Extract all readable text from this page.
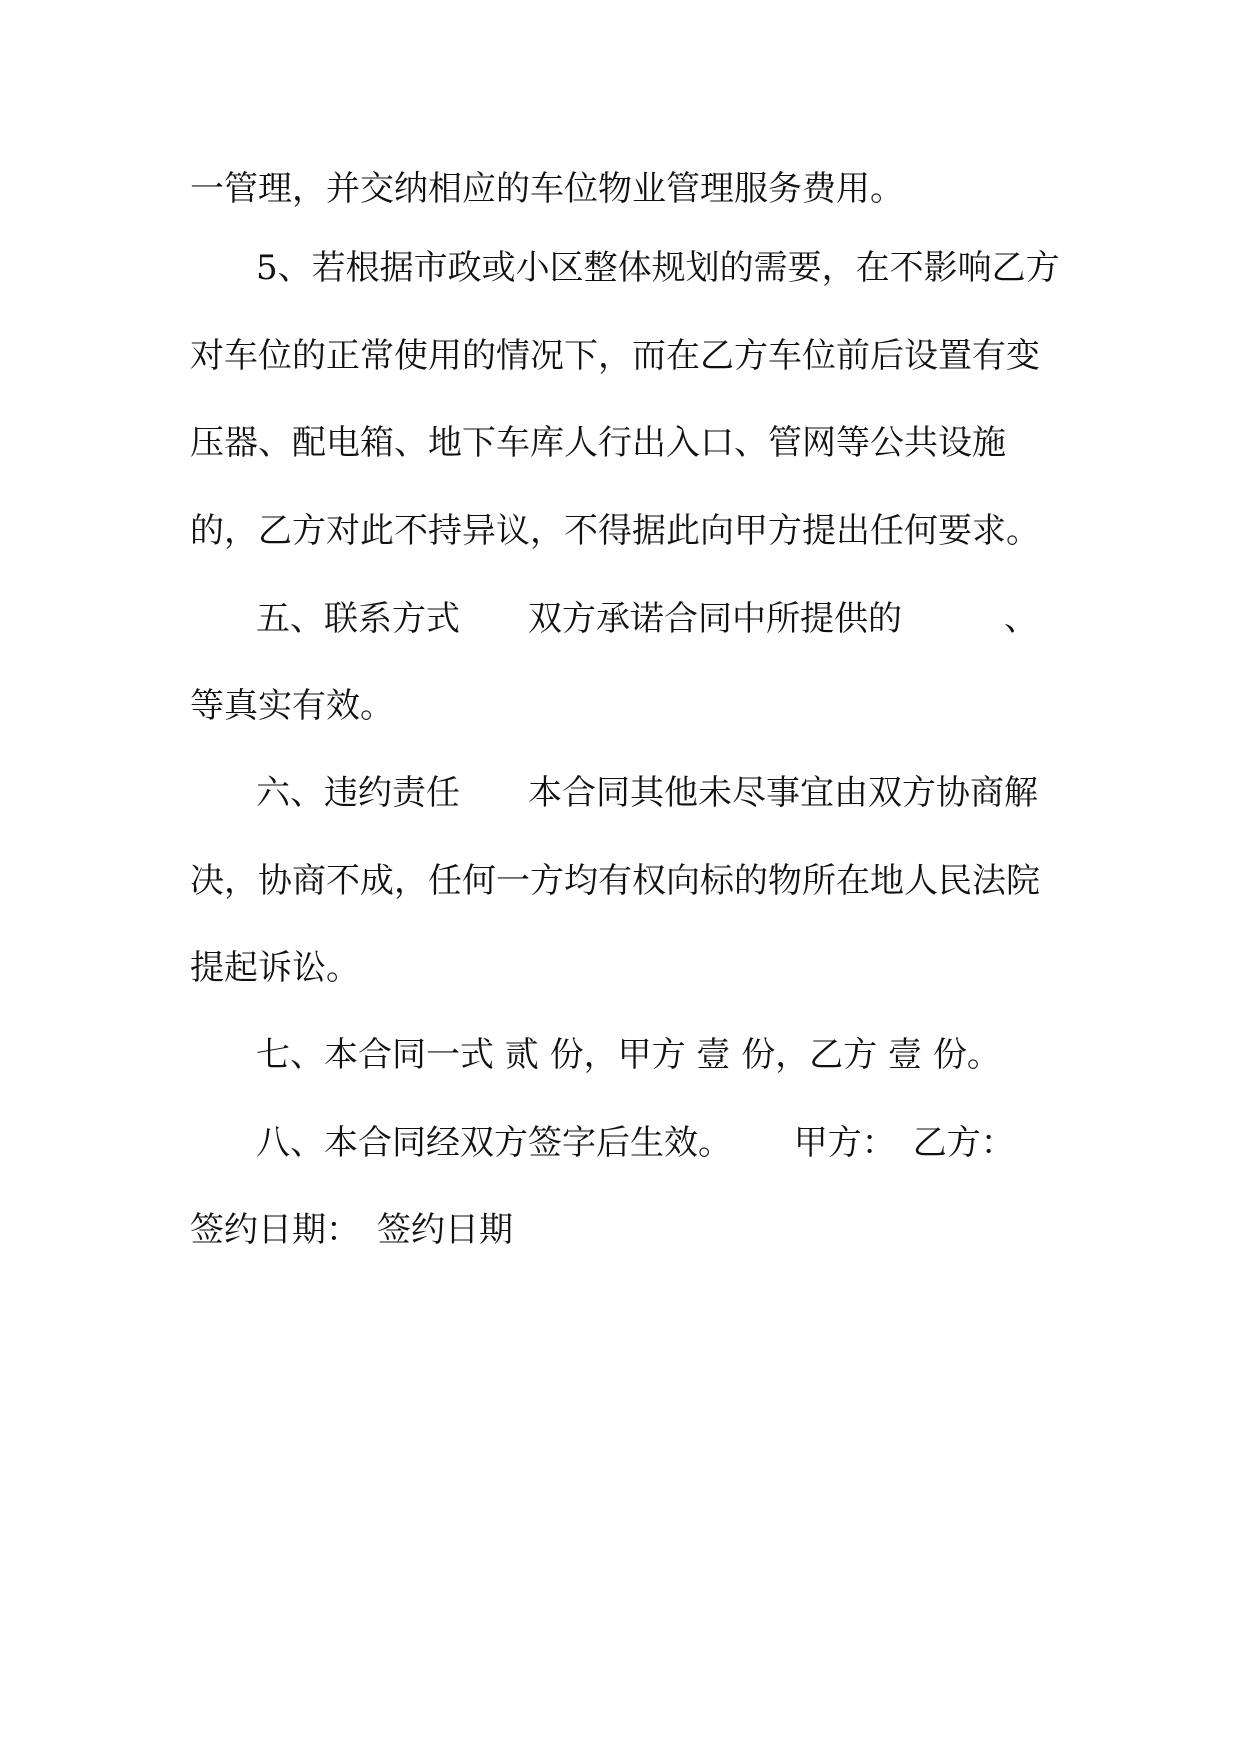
一管理，并交纳相应的车位物业管理服务费用。
5、若根据市政或小区整体规划的需要，在不影响乙方
对车位的正常使用的情况下，而在乙方车位前后设置有变
压器、配电箱、地下车库人行出入口、管网等公共设施
的，乙方对此不持异议，不得据此向甲方提出任何要求。
五、联系方式　　双方承诺合同中所提供的　　　、
等真实有效。
六、违约责任　　本合同其他未尽事宜由双方协商解
决，协商不成，任何一方均有权向标的物所在地人民法院
提起诉讼。
七、本合同一式 贰 份，甲方 壹 份，乙方 壹 份。
八、本合同经双方签字后生效。　　 甲方：　乙方：
签约日期：　签约日期
